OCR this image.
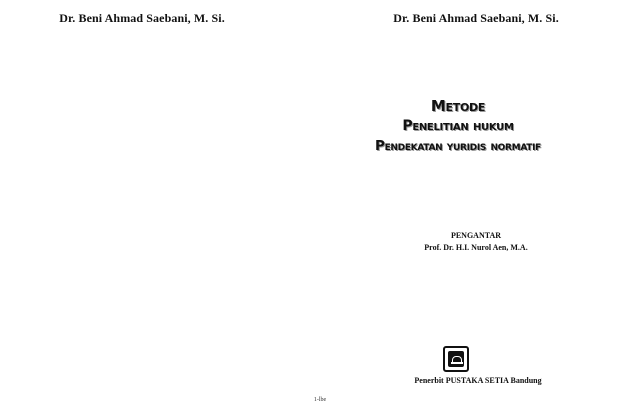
Dr. Beni Ahmad Saebani, M. Si.	Dr. Beni Ahmad Saebani, M. Si.
Metode
Penelitian hukum
Pendekatan yuridis normatif
PENGANTAR
Prof. Dr. H.I. Nurol Aen, M.A.
Penerbit PUSTAKA SETIA Bandung
1-lbe
